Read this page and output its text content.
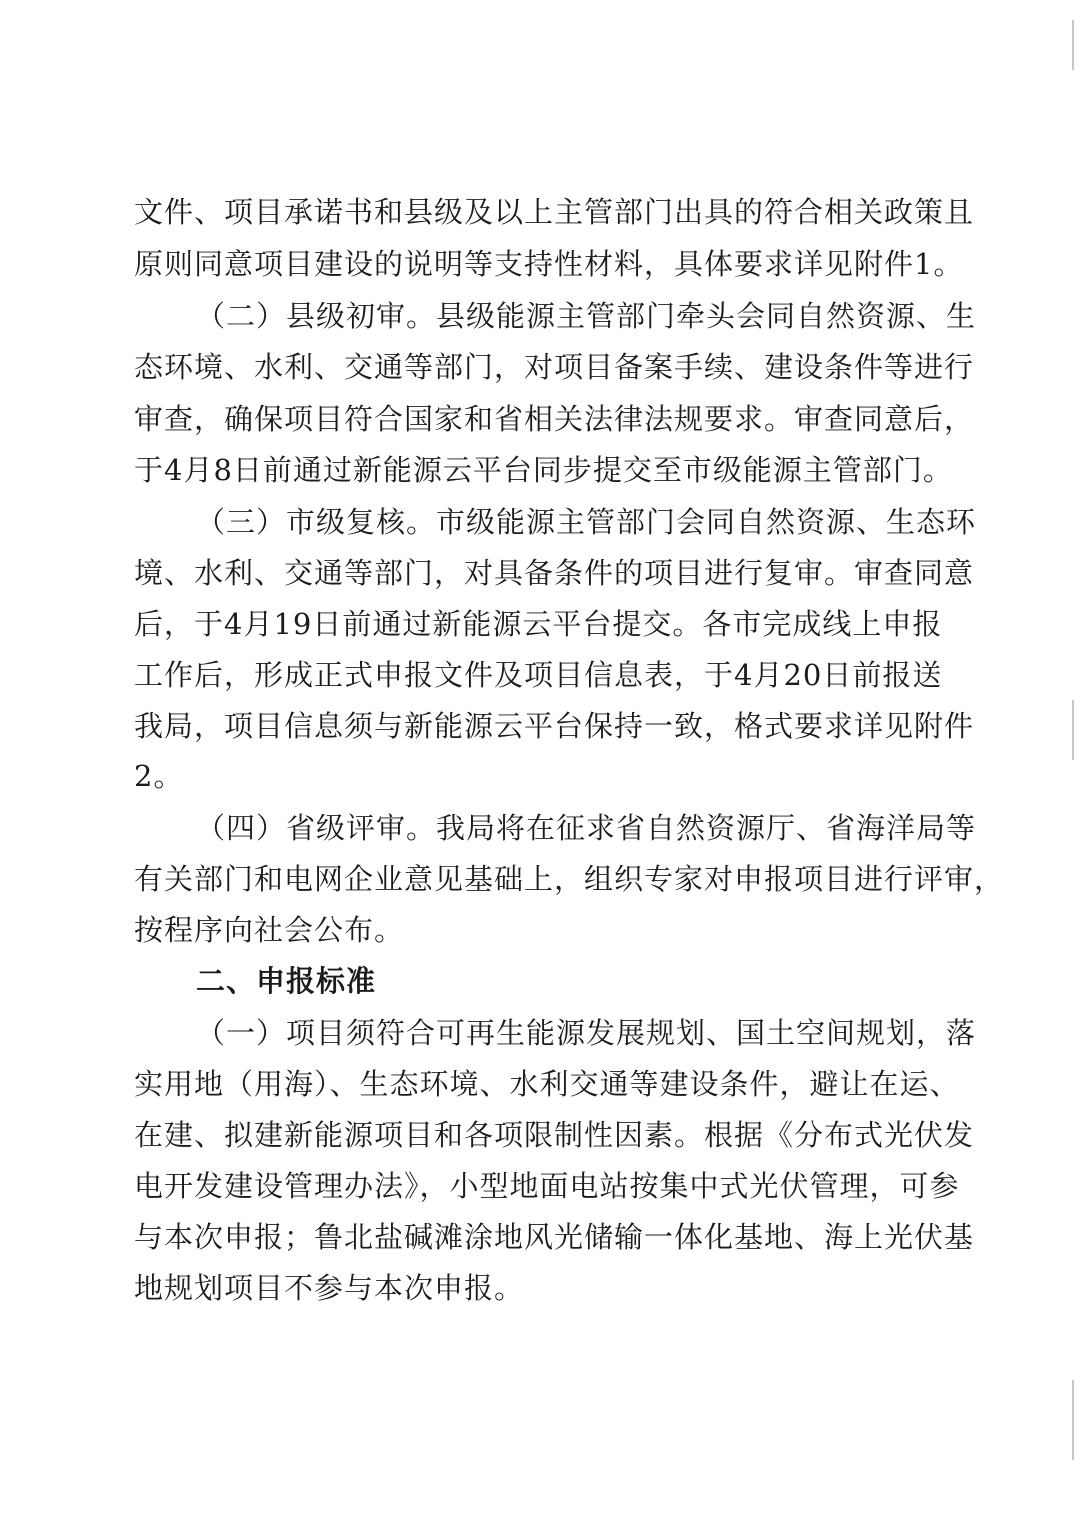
文件、项目承诺书和县级及以上主管部门出具的符合相关政策且
原则同意项目建设的说明等支持性材料，具体要求详见附件1。
（二）县级初审。县级能源主管部门牵头会同自然资源、生
态环境、水利、交通等部门，对项目备案手续、建设条件等进行
审查，确保项目符合国家和省相关法律法规要求。审查同意后，
于4月8日前通过新能源云平台同步提交至市级能源主管部门。
（三）市级复核。市级能源主管部门会同自然资源、生态环
境、水利、交通等部门，对具备条件的项目进行复审。审查同意
后，于4月19日前通过新能源云平台提交。各市完成线上申报
工作后，形成正式申报文件及项目信息表，于4月20日前报送
我局，项目信息须与新能源云平台保持一致，格式要求详见附件
2。
（四）省级评审。我局将在征求省自然资源厅、省海洋局等
有关部门和电网企业意见基础上，组织专家对申报项目进行评审，
按程序向社会公布。
二、申报标准
（一）项目须符合可再生能源发展规划、国土空间规划，落
实用地（用海）、生态环境、水利交通等建设条件，避让在运、
在建、拟建新能源项目和各项限制性因素。根据《分布式光伏发
电开发建设管理办法》，小型地面电站按集中式光伏管理，可参
与本次申报；鲁北盐碱滩涂地风光储输一体化基地、海上光伏基
地规划项目不参与本次申报。
